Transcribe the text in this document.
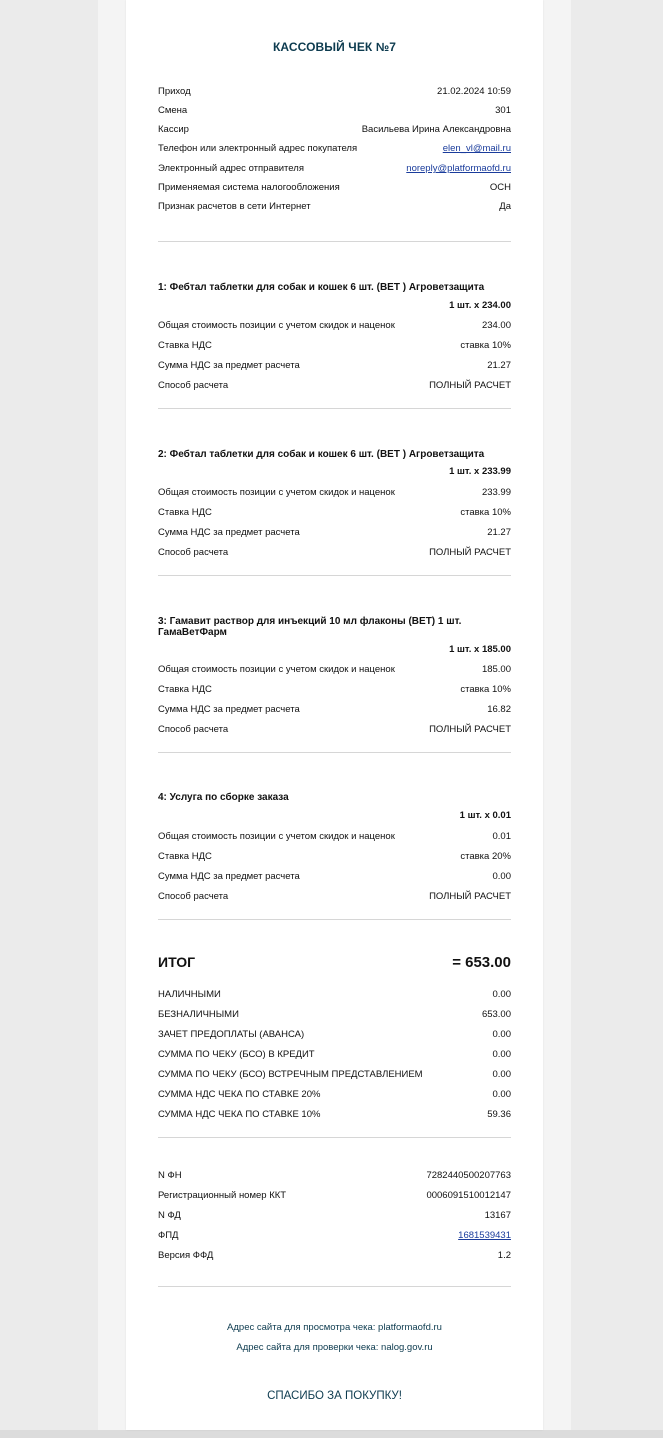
КАССОВЫЙ ЧЕК №7
Приход	21.02.2024 10:59
Смена	301
Кассир	Васильева Ирина Александровна
Телефон или электронный адрес покупателя	elen_vl@mail.ru
Электронный адрес отправителя	noreply@platformaofd.ru
Применяемая система налогообложения	ОСН
Признак расчетов в сети Интернет	Да
1: Фебтал таблетки для собак и кошек 6 шт. (ВЕТ ) Агроветзащита
1 шт. х 234.00
Общая стоимость позиции с учетом скидок и наценок	234.00
Ставка НДС	ставка 10%
Сумма НДС за предмет расчета	21.27
Способ расчета	ПОЛНЫЙ РАСЧЕТ
2: Фебтал таблетки для собак и кошек 6 шт. (ВЕТ ) Агроветзащита
1 шт. х 233.99
Общая стоимость позиции с учетом скидок и наценок	233.99
Ставка НДС	ставка 10%
Сумма НДС за предмет расчета	21.27
Способ расчета	ПОЛНЫЙ РАСЧЕТ
3: Гамавит раствор для инъекций 10 мл флаконы (ВЕТ) 1 шт. ГамаВетФарм
1 шт. х 185.00
Общая стоимость позиции с учетом скидок и наценок	185.00
Ставка НДС	ставка 10%
Сумма НДС за предмет расчета	16.82
Способ расчета	ПОЛНЫЙ РАСЧЕТ
4: Услуга по сборке заказа
1 шт. х 0.01
Общая стоимость позиции с учетом скидок и наценок	0.01
Ставка НДС	ставка 20%
Сумма НДС за предмет расчета	0.00
Способ расчета	ПОЛНЫЙ РАСЧЕТ
ИТОГ	= 653.00
НАЛИЧНЫМИ	0.00
БЕЗНАЛИЧНЫМИ	653.00
ЗАЧЕТ ПРЕДОПЛАТЫ (АВАНСА)	0.00
СУММА ПО ЧЕКУ (БСО) В КРЕДИТ	0.00
СУММА ПО ЧЕКУ (БСО) ВСТРЕЧНЫМ ПРЕДСТАВЛЕНИЕМ	0.00
СУММА НДС ЧЕКА ПО СТАВКЕ 20%	0.00
СУММА НДС ЧЕКА ПО СТАВКЕ 10%	59.36
N ФН	7282440500207763
Регистрационный номер ККТ	0006091510012147
N ФД	13167
ФПД	1681539431
Версия ФФД	1.2
Адрес сайта для просмотра чека: platformaofd.ru
Адрес сайта для проверки чека: nalog.gov.ru
СПАСИБО ЗА ПОКУПКУ!
